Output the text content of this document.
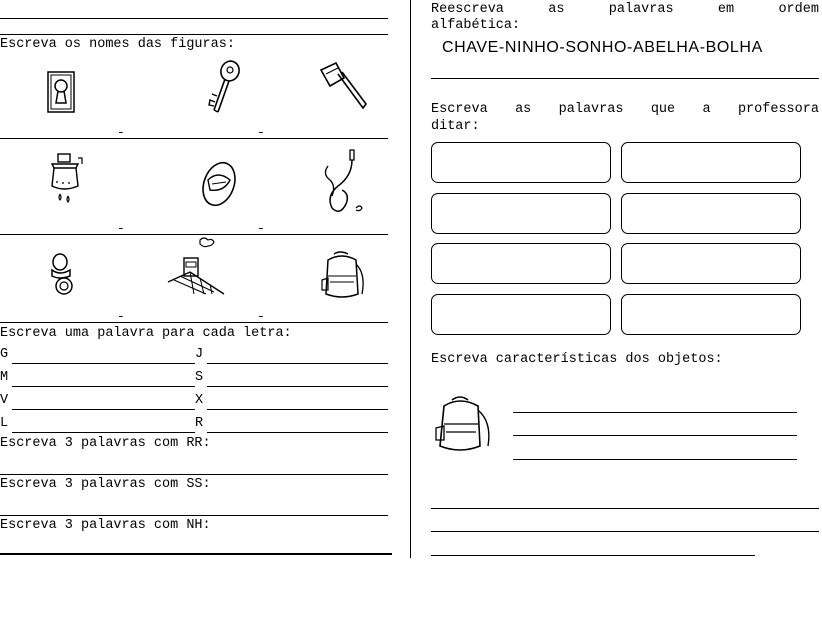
Escreva os nomes das figuras:
-	-
-	-
-	-
Escreva uma palavra para cada letra:
G	J
M	S
V	X
L	R
Escreva 3 palavras com RR:
Escreva 3 palavras com SS:
Escreva 3 palavras com NH:
Reescreva	as	palavras	em	ordem
alfabética:
CHAVE-NINHO-SONHO-ABELHA-BOLHA
Escreva as palavras que a professora
ditar:
Escreva características dos objetos:
